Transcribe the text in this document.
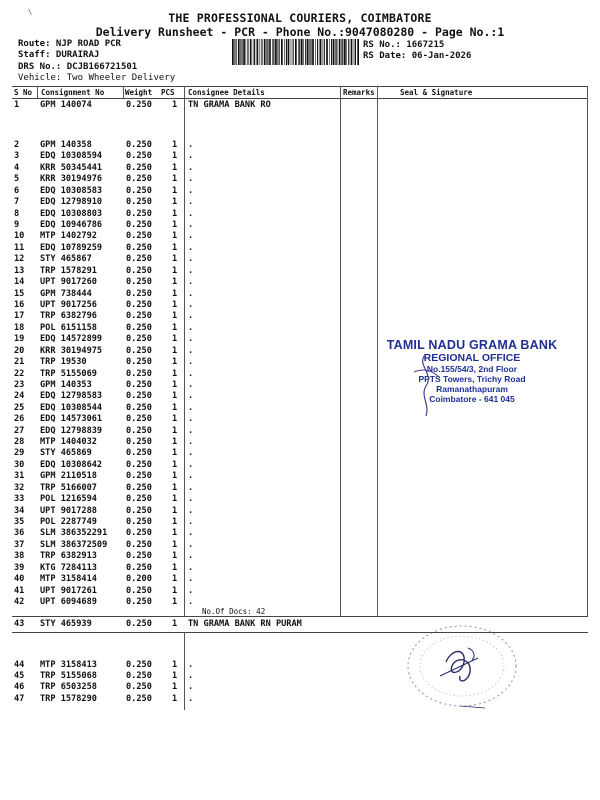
\	THE PROFESSIONAL COURIERS, COIMBATORE
Delivery Runsheet - PCR - Phone No.:9047080280 - Page No.:1
Route: NJP ROAD PCR
Staff: DURAIRAJ
DRS No.: DCJB166721501
Vehicle: Two Wheeler Delivery
RS No.: 1667215
RS Date: 06-Jan-2026
S No Consignment No	Weight PCS Consignee Details	Remarks	Seal & Signature
1 GPM 140074	0.250 1 TN GRAMA BANK RO
2 GPM 140358	0.250 1 .
3 EDQ 10308594	0.250 1 .
4 KRR 50345441	0.250 1 .
5 KRR 30194976	0.250 1 .
6 EDQ 10308583	0.250 1 .
7 EDQ 12798910	0.250 1 .
8 EDQ 10308803	0.250 1 .
9 EDQ 10946786	0.250 1 .
10 MTP 1402792	0.250 1 .
11 EDQ 10789259	0.250 1 .
12 STY 465867	0.250 1 .
13 TRP 1578291	0.250 1 .
14 UPT 9017260	0.250 1 .
15 GPM 738444	0.250 1 .
16 UPT 9017256	0.250 1 .
17 TRP 6382796	0.250 1 .
18 POL 6151158	0.250 1 .
19 EDQ 14572899	0.250 1 .
20 KRR 30194975	0.250 1 .
21 TRP 19530	0.250 1 .
22 TRP 5155069	0.250 1 .
23 GPM 140353	0.250 1 .
24 EDQ 12798583	0.250 1 .
25 EDQ 10308544	0.250 1 .
26 EDQ 14573061	0.250 1 .
27 EDQ 12798839	0.250 1 .
28 MTP 1404032	0.250 1 .
29 STY 465869	0.250 1 .
30 EDQ 10308642	0.250 1 .
31 GPM 2110518	0.250 1 .
32 TRP 5166007	0.250 1 .
33 POL 1216594	0.250 1 .
34 UPT 9017288	0.250 1 .
35 POL 2287749	0.250 1 .
36 SLM 386352291 0.250 1 .
37 SLM 386372509 0.250 1 .
38 TRP 6382913	0.250 1 .
39 KTG 7284113	0.250 1 .
40 MTP 3158414	0.200 1 .
41 UPT 9017261	0.250 1 .
42 UPT 6094689	0.250 1 .
43 STY 465939	0.250 1 TN GRAMA BANK RN PURAM
44 MTP 3158413	0.250 1 .
45 TRP 5155068	0.250 1 .
46 TRP 6503258	0.250 1 .
47 TRP 1578290	0.250 1 .
No.Of Docs: 42
TAMIL NADU GRAMA BANK
REGIONAL OFFICE
No.155/54/3, 2nd Floor
PPTS Towers, Trichy Road
Ramanathapuram
Coimbatore - 641 045
